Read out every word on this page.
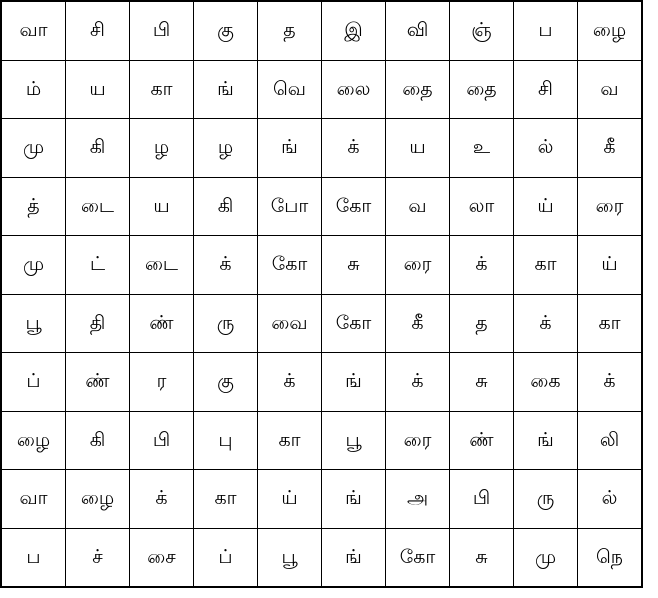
வா	சி	பி	கு	த	இ	வி	ஞ்	ப	ழை
ம்	ய	கா	ங்	வெ	லை	தை	தை	சி	வ
மு	கி	ழ	ழ	ங்	க்	ய	உ	ல்	கீ
த்	டை	ய	கி	போ	கோ	வ	லா	ய்	ரை
மு	ட்	டை	க்	கோ	சு	ரை	க்	கா	ய்
பூ	தி	ண்	ரு	வை	கோ	கீ	த	க்	கா
ப்	ண்	ர	கு	க்	ங்	க்	சு	கை	க்
ழை	கி	பி	பு	கா	பூ	ரை	ண்	ங்	லி
வா	ழை	க்	கா	ய்	ங்	அ	பி	ரு	ல்
ப	ச்	சை	ப்	பூ	ங்	கோ	சு	மு	நெ
